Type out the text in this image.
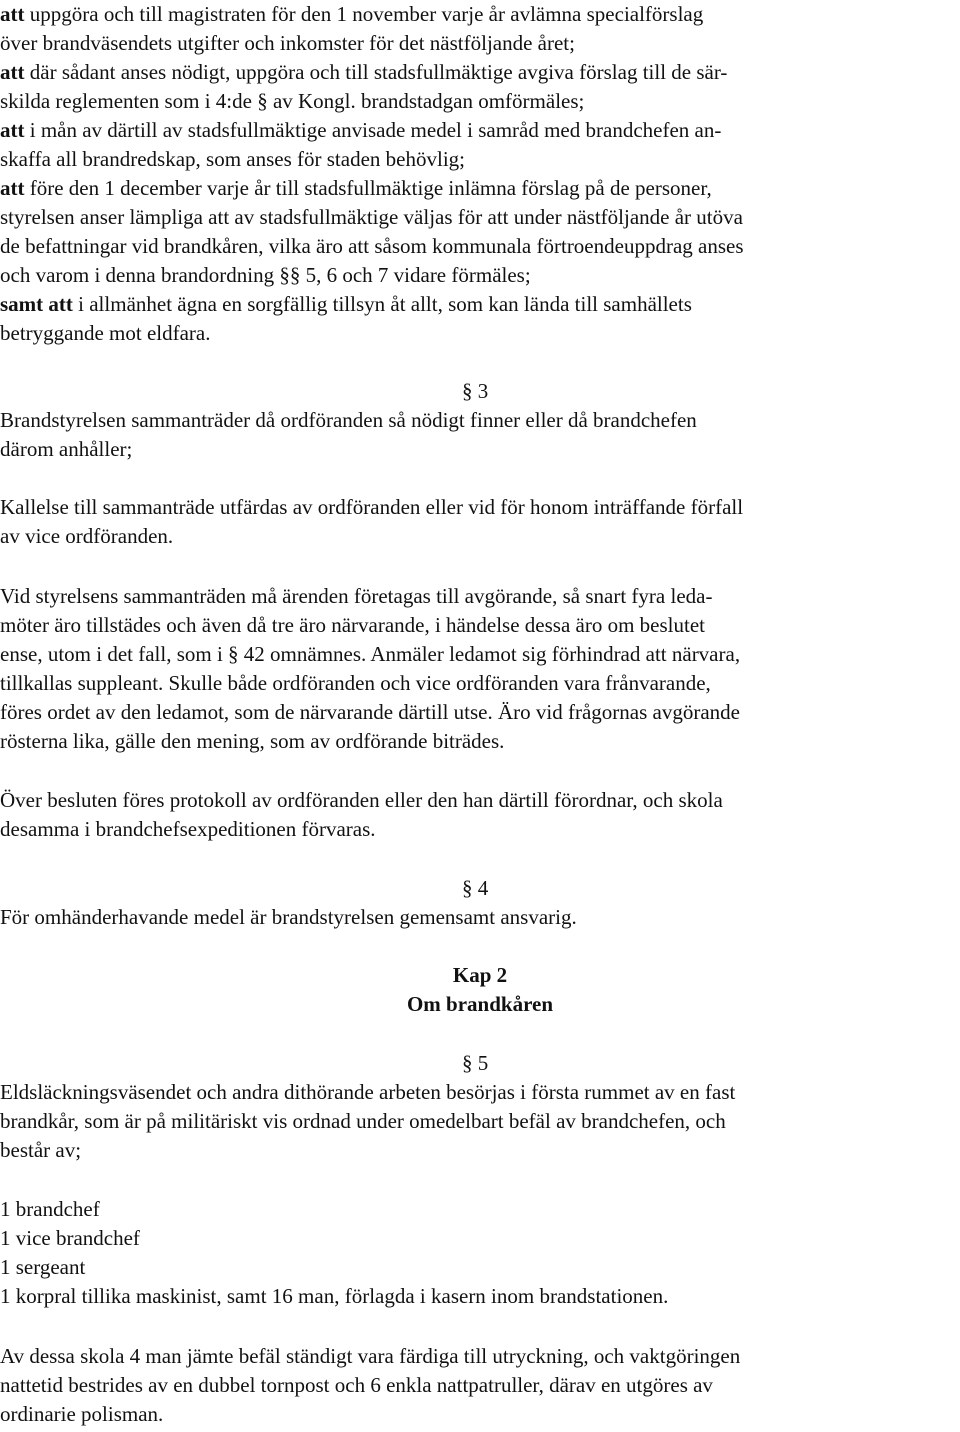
att uppgöra och till magistraten för den 1 november varje år avlämna specialförslag
över brandväsendets utgifter och inkomster för det nästföljande året;
att där sådant anses nödigt, uppgöra och till stadsfullmäktige avgiva förslag till de sär-
skilda reglementen som i 4:de § av Kongl. brandstadgan omförmäles;
att i mån av därtill av stadsfullmäktige anvisade medel i samråd med brandchefen an-
skaffa all brandredskap, som anses för staden behövlig;
att före den 1 december varje år till stadsfullmäktige inlämna förslag på de personer,
styrelsen anser lämpliga att av stadsfullmäktige väljas för att under nästföljande år utöva
de befattningar vid brandkåren, vilka äro att såsom kommunala förtroendeuppdrag anses
och varom i denna brandordning §§ 5, 6 och 7 vidare förmäles;
samt att i allmänhet ägna en sorgfällig tillsyn åt allt, som kan lända till samhällets
betryggande mot eldfara.
§ 3
Brandstyrelsen sammanträder då ordföranden så nödigt finner eller då brandchefen
därom anhåller;
Kallelse till sammanträde utfärdas av ordföranden eller vid för honom inträffande förfall
av vice ordföranden.
Vid styrelsens sammanträden må ärenden företagas till avgörande, så snart fyra leda-
möter äro tillstädes och även då tre äro närvarande, i händelse dessa äro om beslutet
ense, utom i det fall, som i § 42 omnämnes. Anmäler ledamot sig förhindrad att närvara,
tillkallas suppleant. Skulle både ordföranden och vice ordföranden vara frånvarande,
föres ordet av den ledamot, som de närvarande därtill utse. Äro vid frågornas avgörande
rösterna lika, gälle den mening, som av ordförande biträdes.
Över besluten föres protokoll av ordföranden eller den han därtill förordnar, och skola
desamma i brandchefsexpeditionen förvaras.
§ 4
För omhänderhavande medel är brandstyrelsen gemensamt ansvarig.
Kap 2
Om brandkåren
§ 5
Eldsläckningsväsendet och andra dithörande arbeten besörjas i första rummet av en fast
brandkår, som är på militäriskt vis ordnad under omedelbart befäl av brandchefen, och
består av;
1 brandchef
1 vice brandchef
1 sergeant
1 korpral tillika maskinist, samt 16 man, förlagda i kasern inom brandstationen.
Av dessa skola 4 man jämte befäl ständigt vara färdiga till utryckning, och vaktgöringen
nattetid bestrides av en dubbel tornpost och 6 enkla nattpatruller, därav en utgöres av
ordinarie polisman.
